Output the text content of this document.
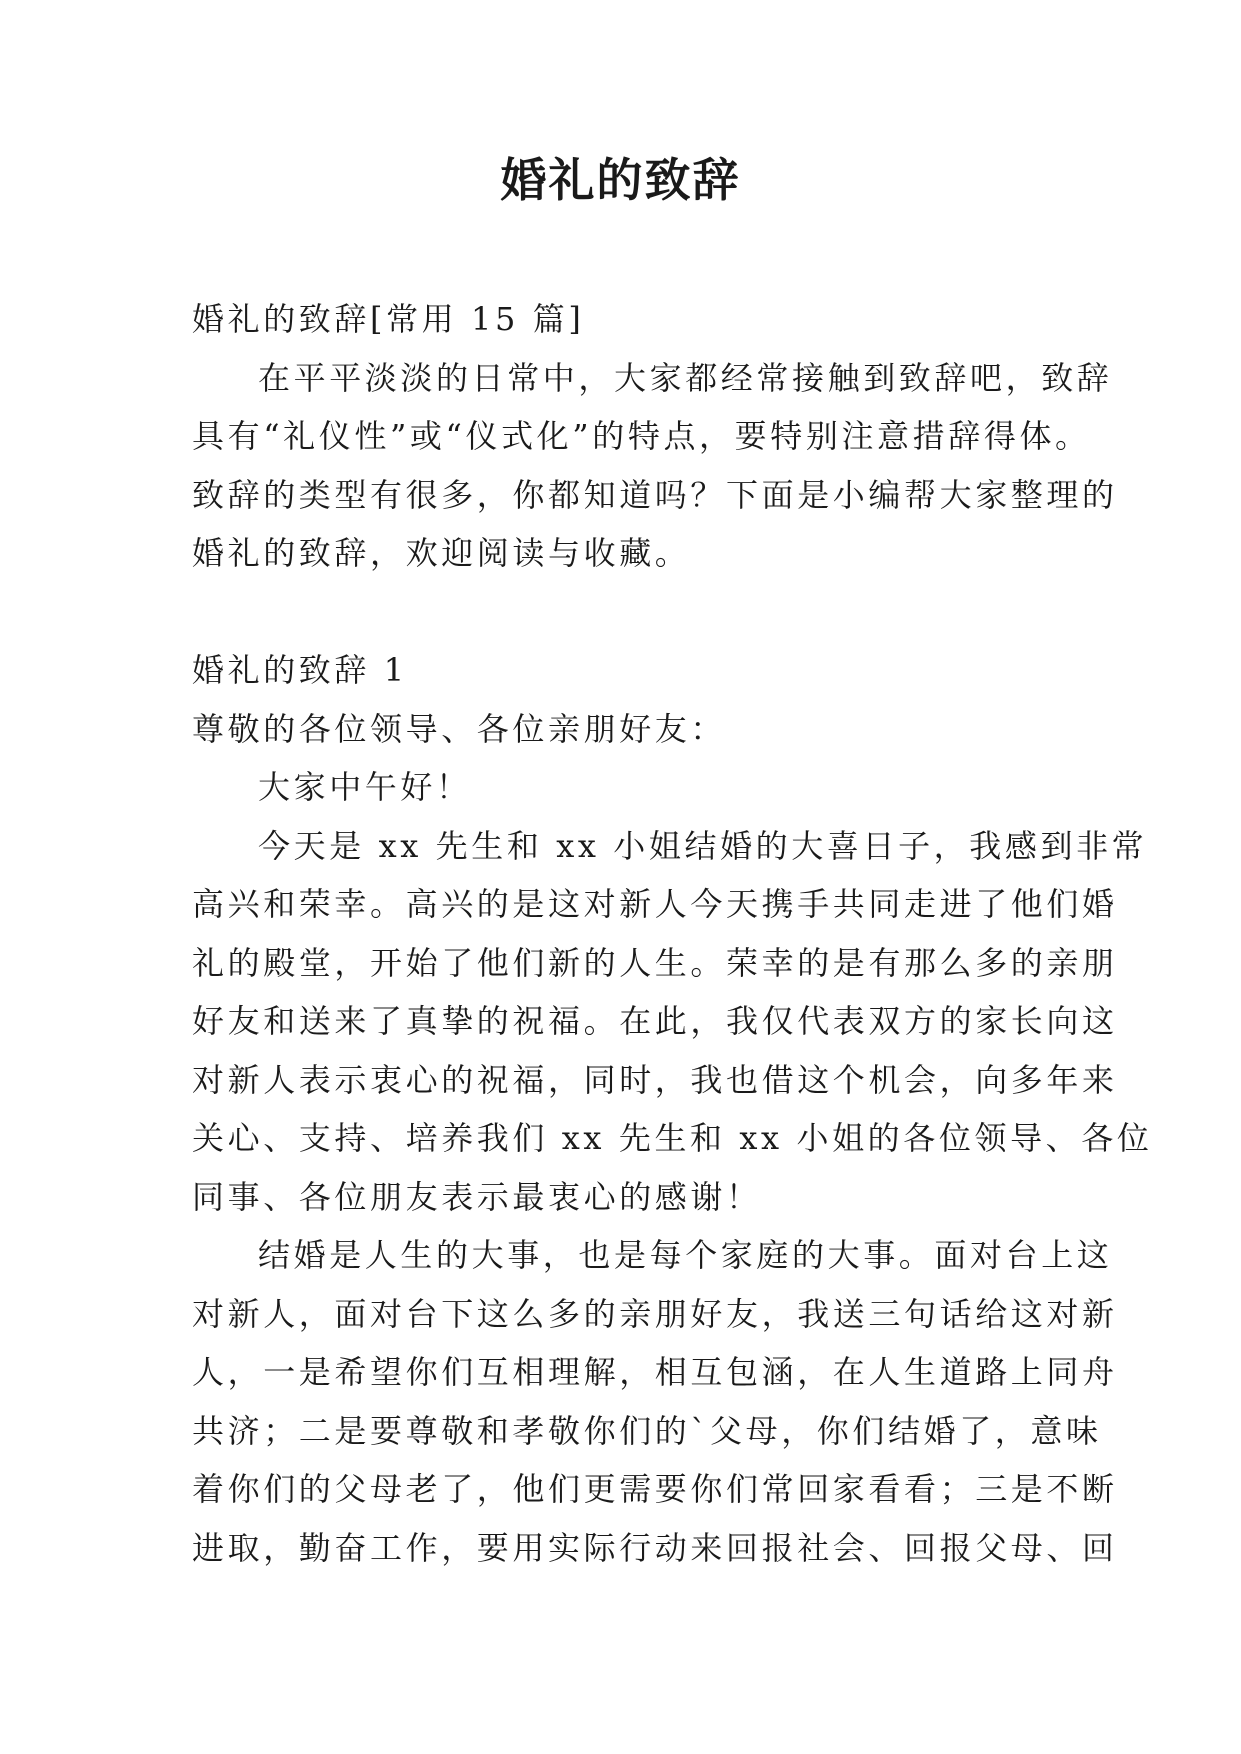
婚礼的致辞
婚礼的致辞[常用 15 篇]
在平平淡淡的日常中，大家都经常接触到致辞吧，致辞
具有“礼仪性”或“仪式化”的特点，要特别注意措辞得体。
致辞的类型有很多，你都知道吗？下面是小编帮大家整理的
婚礼的致辞，欢迎阅读与收藏。
婚礼的致辞 1
尊敬的各位领导、各位亲朋好友：
大家中午好！
今天是 xx 先生和 xx 小姐结婚的大喜日子，我感到非常
高兴和荣幸。高兴的是这对新人今天携手共同走进了他们婚
礼的殿堂，开始了他们新的人生。荣幸的是有那么多的亲朋
好友和送来了真挚的祝福。在此，我仅代表双方的家长向这
对新人表示衷心的祝福，同时，我也借这个机会，向多年来
关心、支持、培养我们 xx 先生和 xx 小姐的各位领导、各位
同事、各位朋友表示最衷心的感谢！
结婚是人生的大事，也是每个家庭的大事。面对台上这
对新人，面对台下这么多的亲朋好友，我送三句话给这对新
人，一是希望你们互相理解，相互包涵，在人生道路上同舟
共济；二是要尊敬和孝敬你们的`父母，你们结婚了，意味
着你们的父母老了，他们更需要你们常回家看看；三是不断
进取，勤奋工作，要用实际行动来回报社会、回报父母、回
